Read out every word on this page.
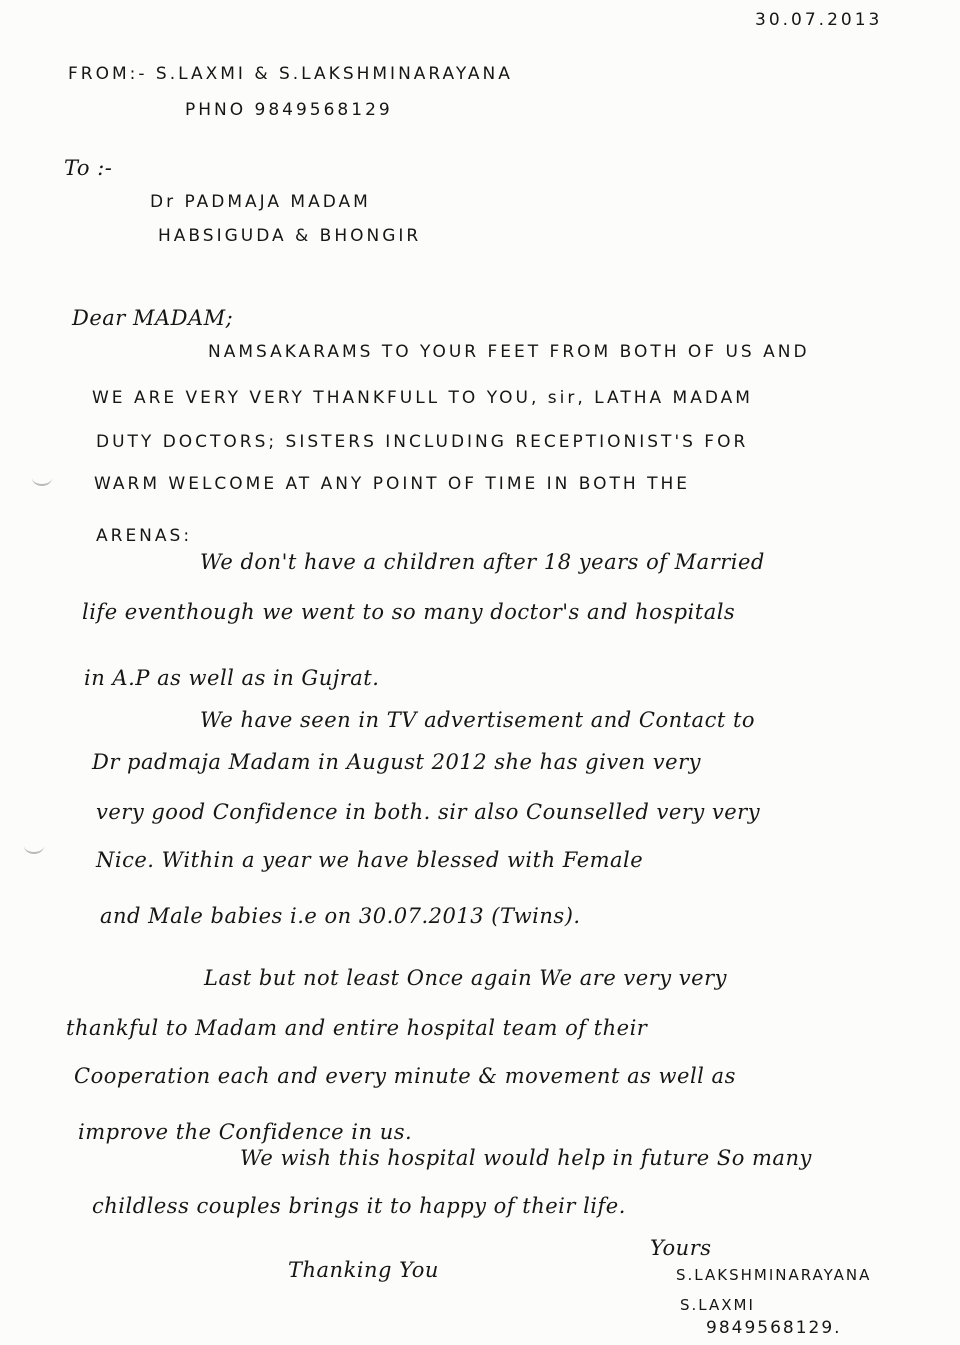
30.07.2013
FROM:- S.LAXMI & S.LAKSHMINARAYANA
PHNO 9849568129
To :-
Dr PADMAJA MADAM
HABSIGUDA & BHONGIR
Dear MADAM;
NAMSAKARAMS TO YOUR FEET FROM BOTH OF US AND
WE ARE VERY VERY THANKFULL TO YOU, sir, LATHA MADAM
DUTY DOCTORS; SISTERS INCLUDING RECEPTIONIST'S FOR
WARM WELCOME AT ANY POINT OF TIME IN BOTH THE
ARENAS:
We don't have a children after 18 years of Married
life eventhough we went to so many doctor's and hospitals
in A.P as well as in Gujrat.
We have seen in TV advertisement and Contact to
Dr padmaja Madam in August 2012 she has given very
very good Confidence in both. sir also Counselled very very
Nice. Within a year we have blessed with Female
and Male babies i.e on 30.07.2013 (Twins).
Last but not least Once again We are very very
thankful to Madam and entire hospital team of their
Cooperation each and every minute & movement as well as
improve the Confidence in us.
We wish this hospital would help in future So many
childless couples brings it to happy of their life.
Thanking You
Yours
S.LAKSHMINARAYANA
S.LAXMI
9849568129.
